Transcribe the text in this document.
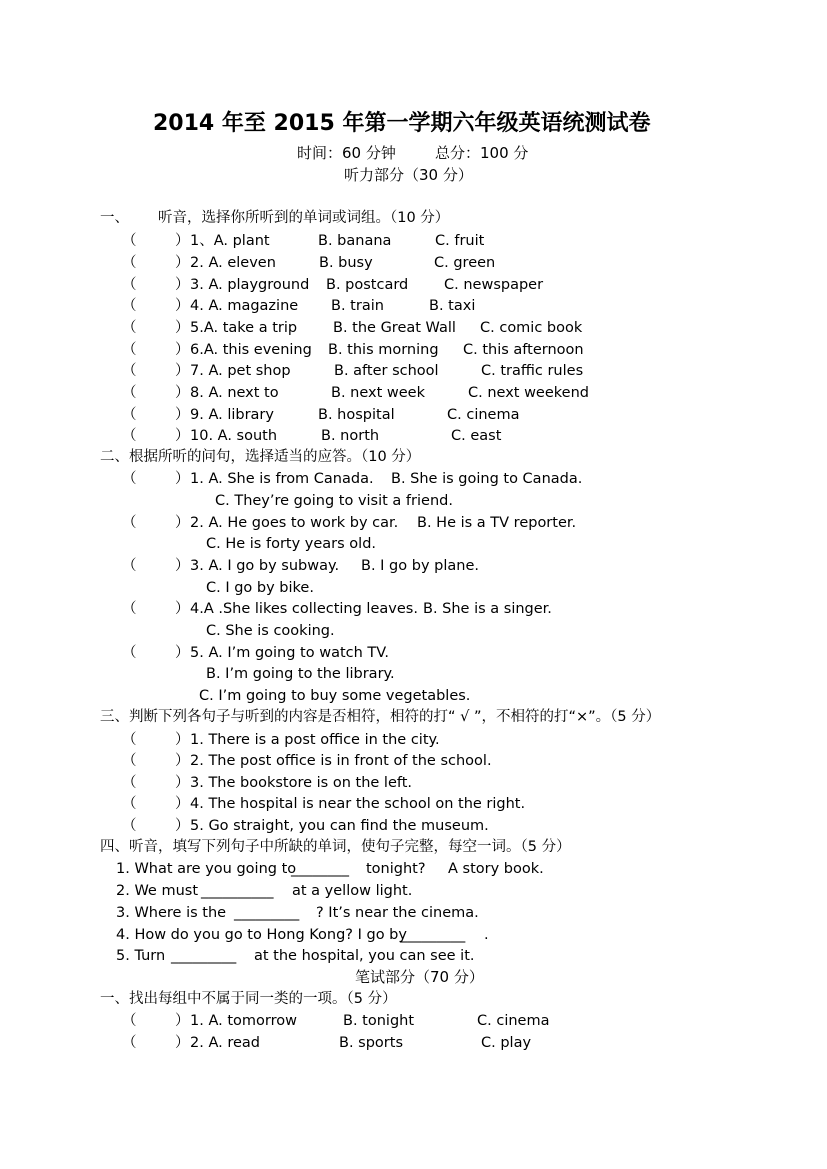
2014 年至 2015 年第一学期六年级英语统测试卷
时间：60 分钟	总分：100 分
听力部分（30 分）
一、 听音，选择你所听到的单词或词组。（10 分）
（	） 1、A. plant	B. banana	C. fruit
（	） 2. A. eleven	B. busy	C. green
（	） 3. A. playground B. postcard C. newspaper
（	） 4. A. magazine B. train	B. taxi
（	） 5.A. take a trip B. the Great Wall C. comic book
（	） 6.A. this evening B. this morning C. this afternoon
（	） 7. A. pet shop	B. after school	C. traffic rules
（	） 8. A. next to	B. next week	C. next weekend
（	） 9. A. library	B. hospital	C. cinema
（	） 10. A. south	B. north	C. east
二、根据所听的问句，选择适当的应答。（10 分）
（	） 1. A. She is from Canada. B. She is going to Canada.
C. They’re going to visit a friend.
（	） 2. A. He goes to work by car. B. He is a TV reporter.
C. He is forty years old.
（	） 3. A. I go by subway. B. I go by plane.
C. I go by bike.
（	） 4.A .She likes collecting leaves. B. She is a singer.
C. She is cooking.
（	） 5. A. I’m going to watch TV.
B. I’m going to the library.
C. I’m going to buy some vegetables.
三、判断下列各句子与听到的内容是否相符，相符的打“ √ ”，不相符的打“×”。（5 分）
（	） 1. There is a post office in the city.
（	） 2. The post office is in front of the school.
（	） 3. The bookstore is on the left.
（	） 4. The hospital is near the school on the right.
（	） 5. Go straight, you can find the museum.
四、听音，填写下列句子中所缺的单词，使句子完整，每空一词。（5 分）
1. What are you going to
________ tonight? A story book.
2. We must __________ at a yellow light.
3. Where is the _________ ? It’s near the cinema.
4. How do you go to Hong Kong? I go by
_________ .
5. Turn _________ at the hospital, you can see it.
笔试部分（70 分）
一、找出每组中不属于同一类的一项。（5 分）
（	） 1. A. tomorrow	B. tonight	C. cinema
（	） 2. A. read	B. sports	C. play
